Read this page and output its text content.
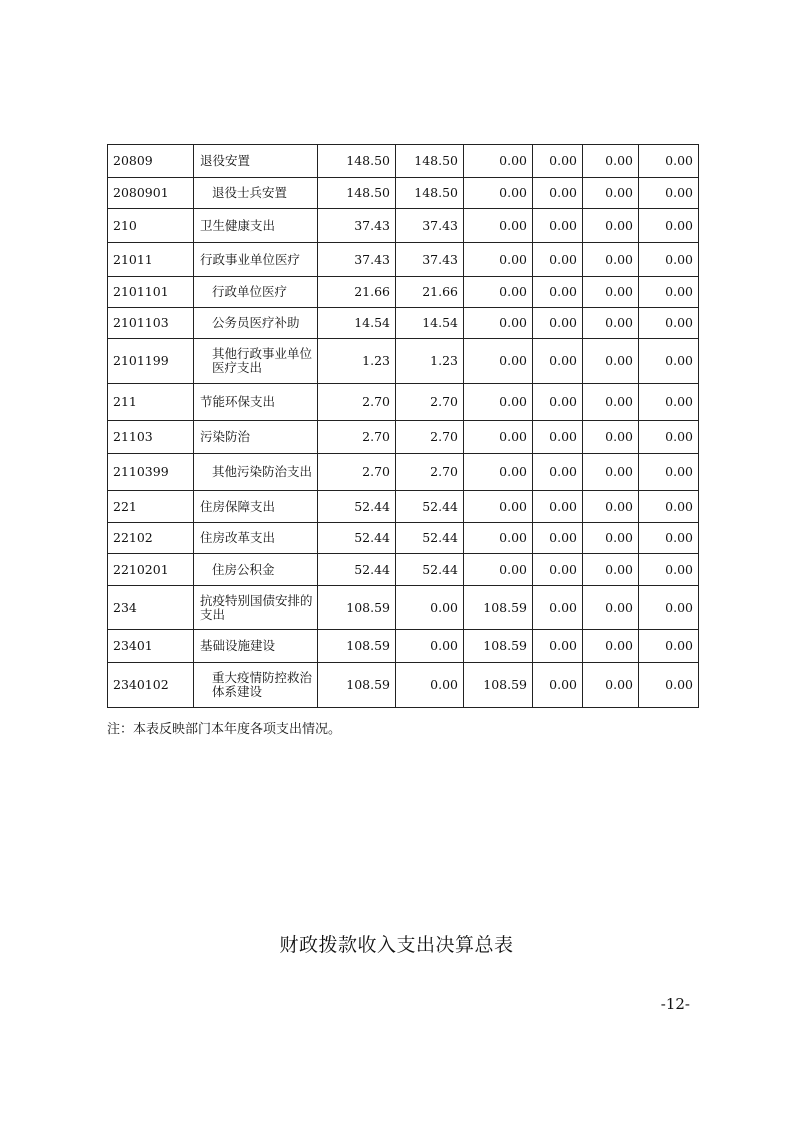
20809	退役安置	148.50	148.50	0.00	0.00	0.00	0.00
2080901	退役士兵安置	148.50	148.50	0.00	0.00	0.00	0.00
210	卫生健康支出	37.43	37.43	0.00	0.00	0.00	0.00
21011	行政事业单位医疗	37.43	37.43	0.00	0.00	0.00	0.00
2101101	行政单位医疗	21.66	21.66	0.00	0.00	0.00	0.00
2101103	公务员医疗补助	14.54	14.54	0.00	0.00	0.00	0.00
2101199	其他行政事业单位医疗支出	1.23	1.23	0.00	0.00	0.00	0.00
211	节能环保支出	2.70	2.70	0.00	0.00	0.00	0.00
21103	污染防治	2.70	2.70	0.00	0.00	0.00	0.00
2110399	其他污染防治支出	2.70	2.70	0.00	0.00	0.00	0.00
221	住房保障支出	52.44	52.44	0.00	0.00	0.00	0.00
22102	住房改革支出	52.44	52.44	0.00	0.00	0.00	0.00
2210201	住房公积金	52.44	52.44	0.00	0.00	0.00	0.00
234	抗疫特别国债安排的支出	108.59	0.00	108.59	0.00	0.00	0.00
23401	基础设施建设	108.59	0.00	108.59	0.00	0.00	0.00
2340102	重大疫情防控救治体系建设	108.59	0.00	108.59	0.00	0.00	0.00
注：本表反映部门本年度各项支出情况。
财政拨款收入支出决算总表
-12-
